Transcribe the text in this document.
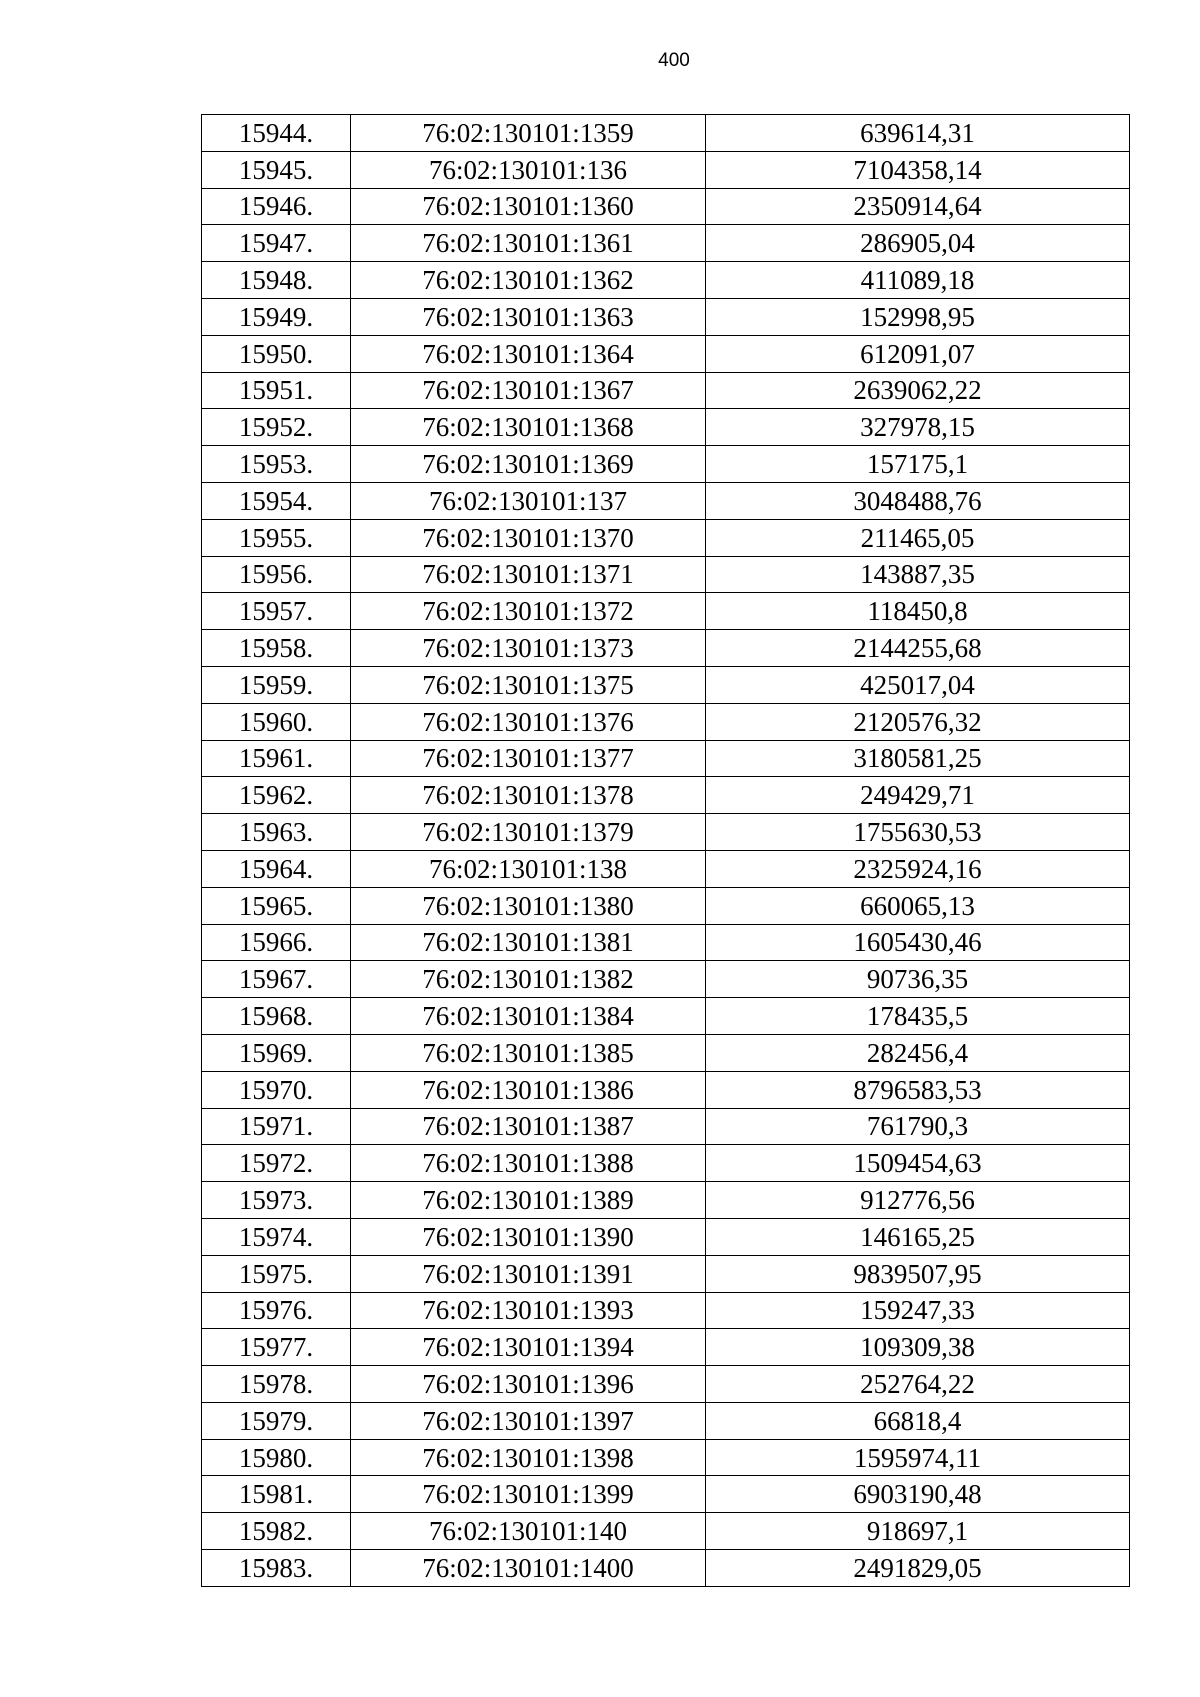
400
15944.	76:02:130101:1359	639614,31
15945.	76:02:130101:136	7104358,14
15946.	76:02:130101:1360	2350914,64
15947.	76:02:130101:1361	286905,04
15948.	76:02:130101:1362	411089,18
15949.	76:02:130101:1363	152998,95
15950.	76:02:130101:1364	612091,07
15951.	76:02:130101:1367	2639062,22
15952.	76:02:130101:1368	327978,15
15953.	76:02:130101:1369	157175,1
15954.	76:02:130101:137	3048488,76
15955.	76:02:130101:1370	211465,05
15956.	76:02:130101:1371	143887,35
15957.	76:02:130101:1372	118450,8
15958.	76:02:130101:1373	2144255,68
15959.	76:02:130101:1375	425017,04
15960.	76:02:130101:1376	2120576,32
15961.	76:02:130101:1377	3180581,25
15962.	76:02:130101:1378	249429,71
15963.	76:02:130101:1379	1755630,53
15964.	76:02:130101:138	2325924,16
15965.	76:02:130101:1380	660065,13
15966.	76:02:130101:1381	1605430,46
15967.	76:02:130101:1382	90736,35
15968.	76:02:130101:1384	178435,5
15969.	76:02:130101:1385	282456,4
15970.	76:02:130101:1386	8796583,53
15971.	76:02:130101:1387	761790,3
15972.	76:02:130101:1388	1509454,63
15973.	76:02:130101:1389	912776,56
15974.	76:02:130101:1390	146165,25
15975.	76:02:130101:1391	9839507,95
15976.	76:02:130101:1393	159247,33
15977.	76:02:130101:1394	109309,38
15978.	76:02:130101:1396	252764,22
15979.	76:02:130101:1397	66818,4
15980.	76:02:130101:1398	1595974,11
15981.	76:02:130101:1399	6903190,48
15982.	76:02:130101:140	918697,1
15983.	76:02:130101:1400	2491829,05
